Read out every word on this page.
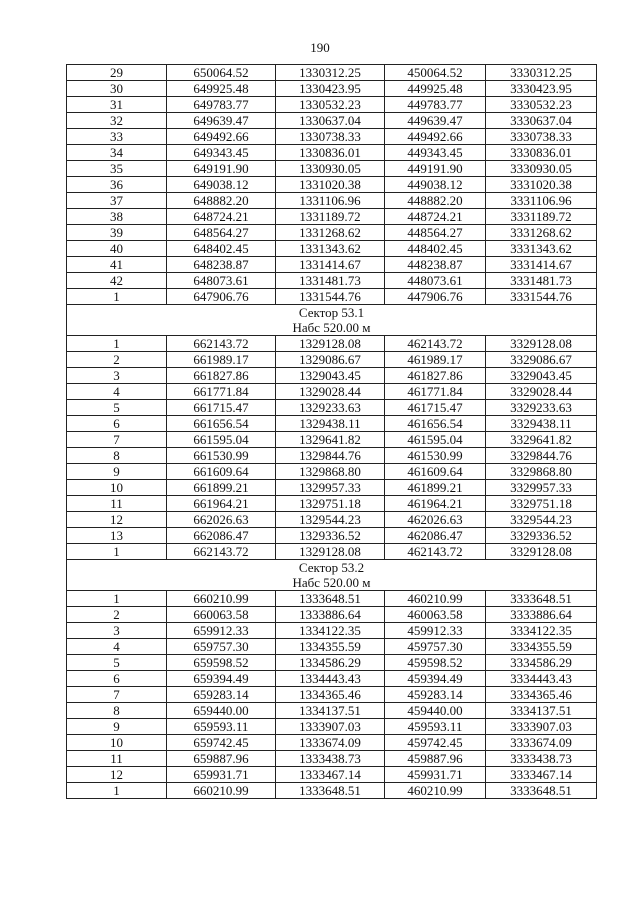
190
29	650064.52	1330312.25	450064.52	3330312.25
30	649925.48	1330423.95	449925.48	3330423.95
31	649783.77	1330532.23	449783.77	3330532.23
32	649639.47	1330637.04	449639.47	3330637.04
33	649492.66	1330738.33	449492.66	3330738.33
34	649343.45	1330836.01	449343.45	3330836.01
35	649191.90	1330930.05	449191.90	3330930.05
36	649038.12	1331020.38	449038.12	3331020.38
37	648882.20	1331106.96	448882.20	3331106.96
38	648724.21	1331189.72	448724.21	3331189.72
39	648564.27	1331268.62	448564.27	3331268.62
40	648402.45	1331343.62	448402.45	3331343.62
41	648238.87	1331414.67	448238.87	3331414.67
42	648073.61	1331481.73	448073.61	3331481.73
1	647906.76	1331544.76	447906.76	3331544.76

Сектор 53.1
Набс 520.00 м				

1	662143.72	1329128.08	462143.72	3329128.08
2	661989.17	1329086.67	461989.17	3329086.67
3	661827.86	1329043.45	461827.86	3329043.45
4	661771.84	1329028.44	461771.84	3329028.44
5	661715.47	1329233.63	461715.47	3329233.63
6	661656.54	1329438.11	461656.54	3329438.11
7	661595.04	1329641.82	461595.04	3329641.82
8	661530.99	1329844.76	461530.99	3329844.76
9	661609.64	1329868.80	461609.64	3329868.80
10	661899.21	1329957.33	461899.21	3329957.33
11	661964.21	1329751.18	461964.21	3329751.18
12	662026.63	1329544.23	462026.63	3329544.23
13	662086.47	1329336.52	462086.47	3329336.52
1	662143.72	1329128.08	462143.72	3329128.08

Сектор 53.2
Набс 520.00 м				

1	660210.99	1333648.51	460210.99	3333648.51
2	660063.58	1333886.64	460063.58	3333886.64
3	659912.33	1334122.35	459912.33	3334122.35
4	659757.30	1334355.59	459757.30	3334355.59
5	659598.52	1334586.29	459598.52	3334586.29
6	659394.49	1334443.43	459394.49	3334443.43
7	659283.14	1334365.46	459283.14	3334365.46
8	659440.00	1334137.51	459440.00	3334137.51
9	659593.11	1333907.03	459593.11	3333907.03
10	659742.45	1333674.09	459742.45	3333674.09
11	659887.96	1333438.73	459887.96	3333438.73
12	659931.71	1333467.14	459931.71	3333467.14
1	660210.99	1333648.51	460210.99	3333648.51
